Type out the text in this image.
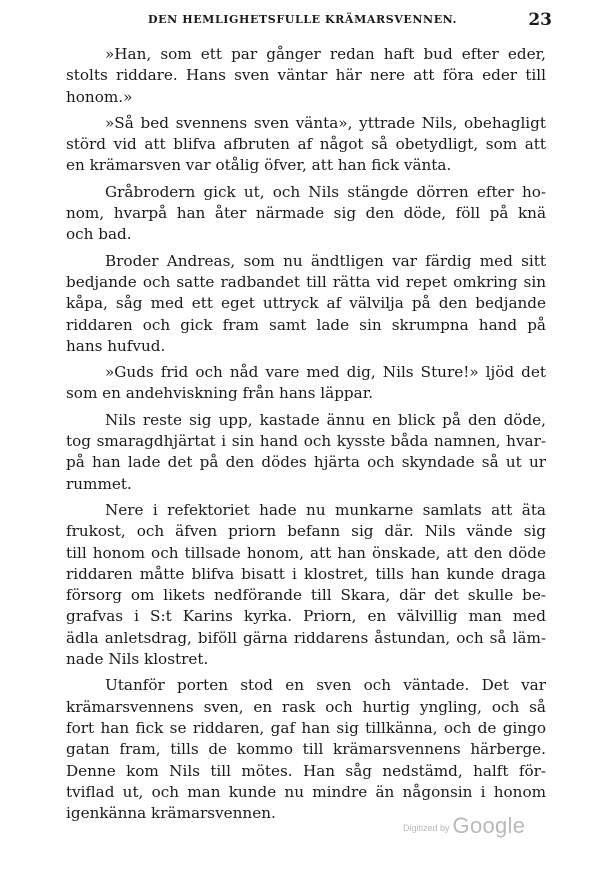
DEN HEMLIGHETSFULLE KRÄMARSVENNEN.	23
»Han, som ett par gånger redan haft bud efter eder,
stolts riddare. Hans sven väntar här nere att föra eder till
honom.»
»Så bed svennens sven vänta», yttrade Nils, obehagligt
störd vid att blifva afbruten af något så obetydligt, som att
en krämarsven var otålig öfver, att han fick vänta.
Gråbrodern gick ut, och Nils stängde dörren efter ho-
nom, hvarpå han åter närmade sig den döde, föll på knä
och bad.
Broder Andreas, som nu ändtligen var färdig med sitt
bedjande och satte radbandet till rätta vid repet omkring sin
kåpa, såg med ett eget uttryck af välvilja på den bedjande
riddaren och gick fram samt lade sin skrumpna hand på
hans hufvud.
»Guds frid och nåd vare med dig, Nils Sture!» ljöd det
som en andehviskning från hans läppar.
Nils reste sig upp, kastade ännu en blick på den döde,
tog smaragdhjärtat i sin hand och kysste båda namnen, hvar-
på han lade det på den dödes hjärta och skyndade så ut ur
rummet.
Nere i refektoriet hade nu munkarne samlats att äta
frukost, och äfven priorn befann sig där. Nils vände sig
till honom och tillsade honom, att han önskade, att den döde
riddaren måtte blifva bisatt i klostret, tills han kunde draga
försorg om likets nedförande till Skara, där det skulle be-
grafvas i S:t Karins kyrka. Priorn, en välvillig man med
ädla anletsdrag, biföll gärna riddarens åstundan, och så läm-
nade Nils klostret.
Utanför porten stod en sven och väntade. Det var
krämarsvennens sven, en rask och hurtig yngling, och så
fort han fick se riddaren, gaf han sig tillkänna, och de gingo
gatan fram, tills de kommo till krämarsvennens härberge.
Denne kom Nils till mötes. Han såg nedstämd, halft för-
tviflad ut, och man kunde nu mindre än någonsin i honom
igenkänna krämarsvennen.
Digitized by Google
